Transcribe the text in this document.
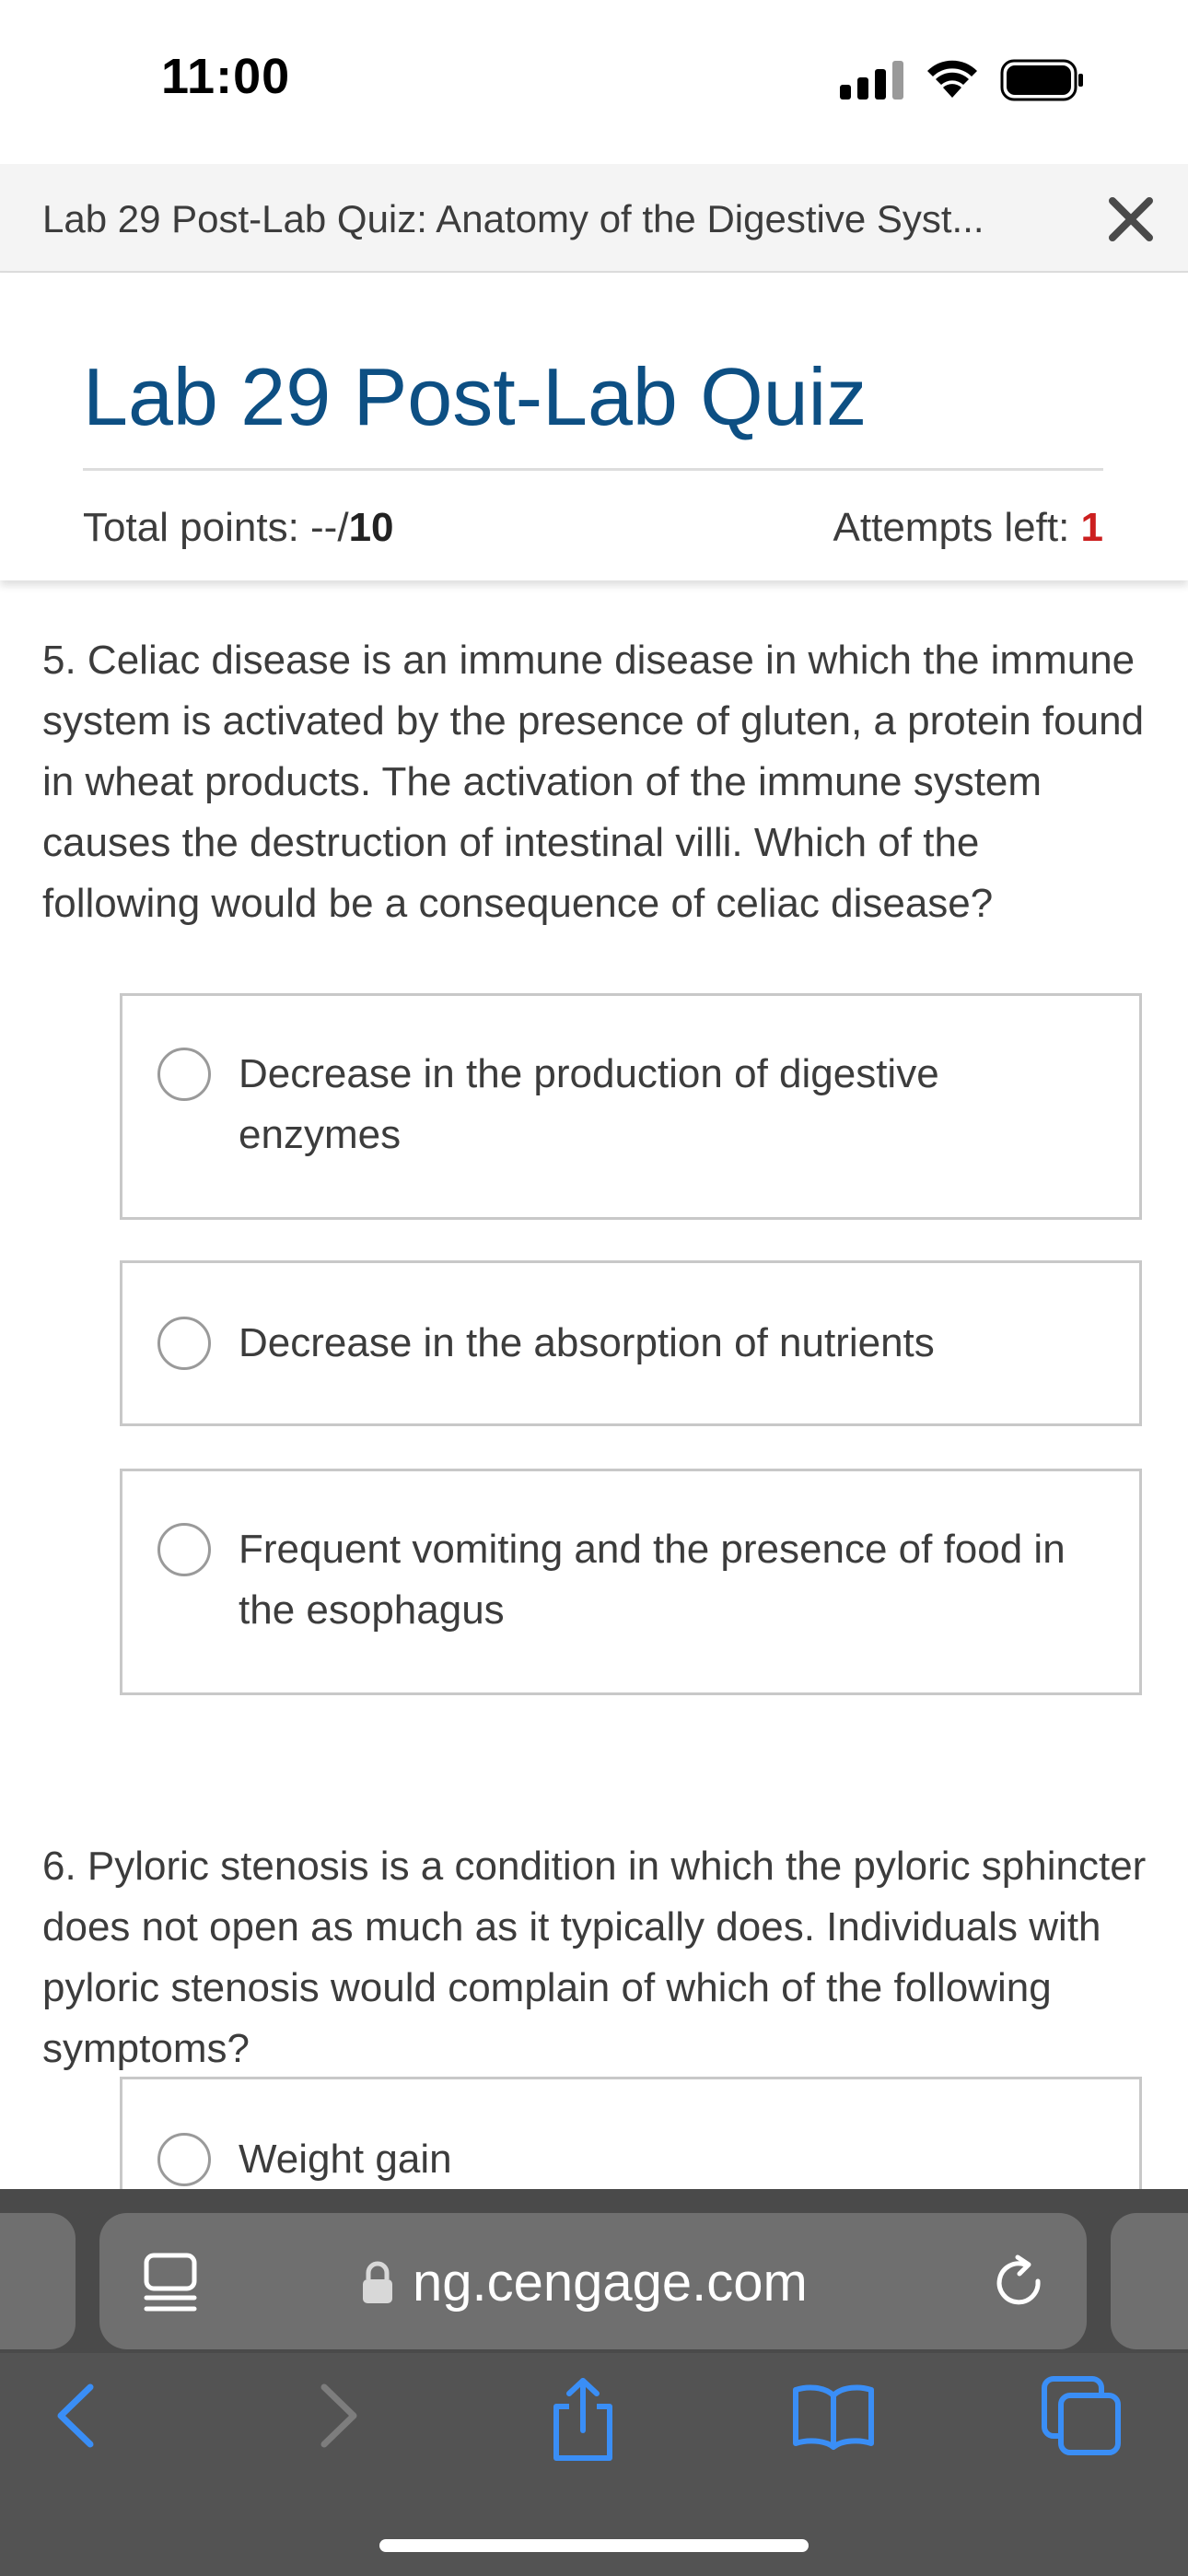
11:00
Lab 29 Post-Lab Quiz: Anatomy of the Digestive Syst...
Lab 29 Post-Lab Quiz
Total points: --/10	Attempts left: 1
5. Celiac disease is an immune disease in which the immune system is activated by the presence of gluten, a protein found in wheat products. The activation of the immune system causes the destruction of intestinal villi. Which of the following would be a consequence of celiac disease?
Decrease in the production of digestive enzymes
Decrease in the absorption of nutrients
Frequent vomiting and the presence of food in the esophagus
6. Pyloric stenosis is a condition in which the pyloric sphincter does not open as much as it typically does. Individuals with pyloric stenosis would complain of which of the following symptoms?
Weight gain
ng.cengage.com
